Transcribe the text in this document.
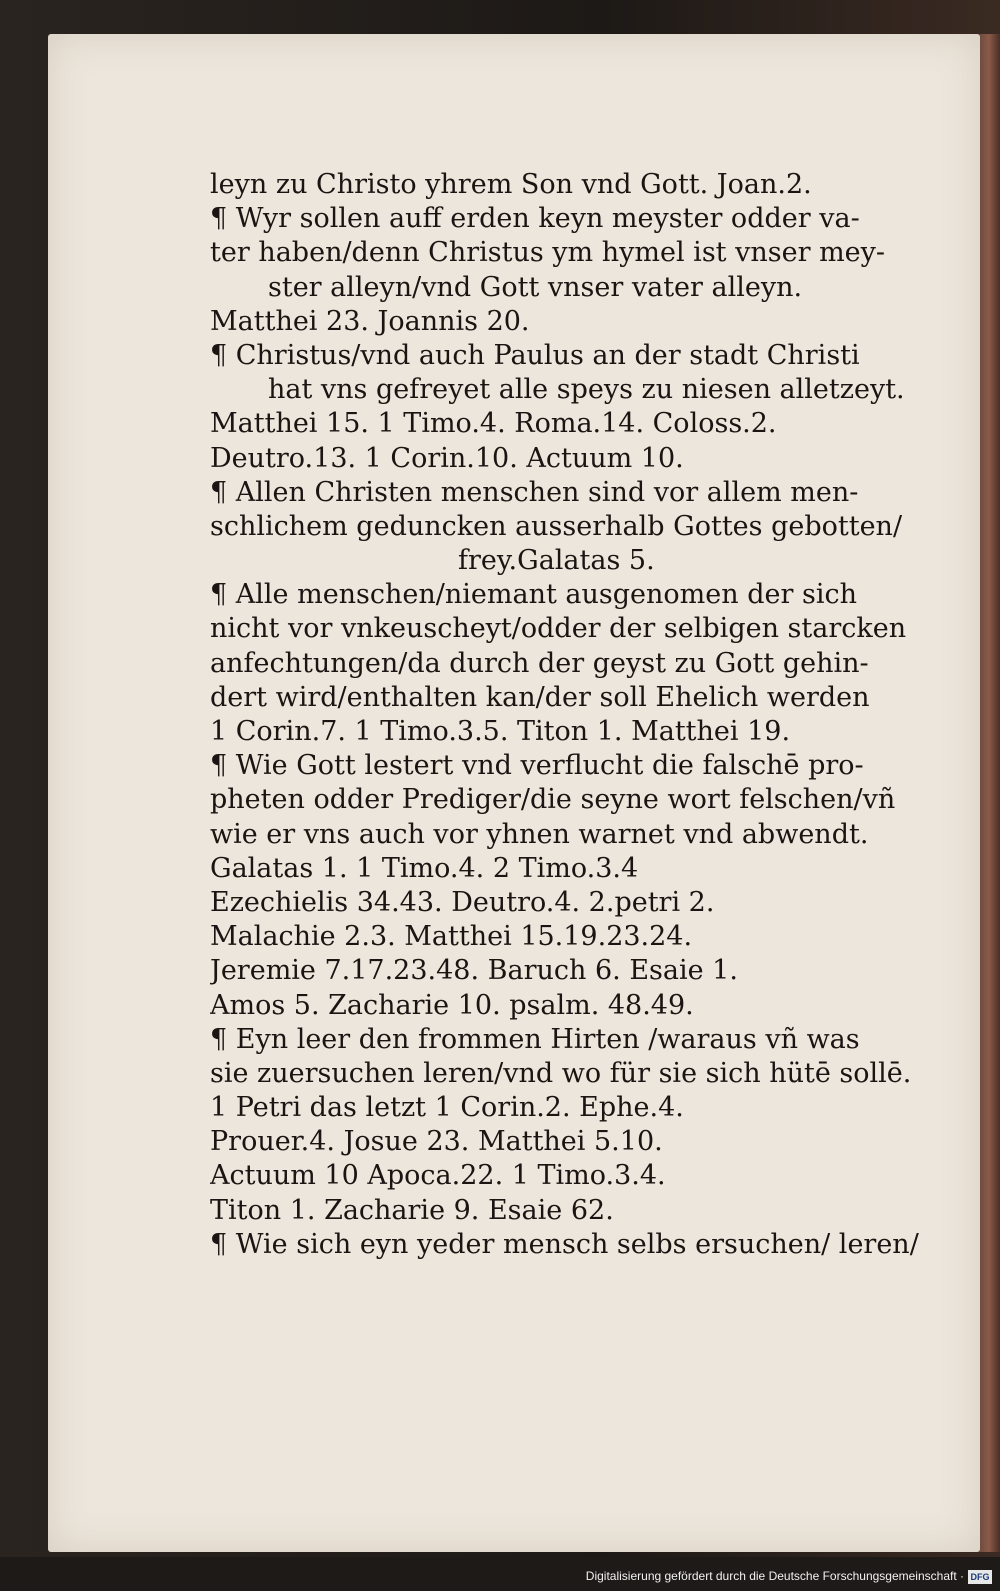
leyn zu Christo yhrem Son vnd Gott. Joan.2.
¶ Wyr sollen auff erden keyn meyster odder va-
ter haben/denn Christus ym hymel ist vnser mey-
ster alleyn/vnd Gott vnser vater alleyn.
Matthei 23. Joannis 20.
¶ Christus/vnd auch Paulus an der stadt Christi
hat vns gefreyet alle speys zu niesen alletzeyt.
Matthei 15. 1 Timo.4. Roma.14. Coloss.2.
Deutro.13. 1 Corin.10. Actuum 10.
¶ Allen Christen menschen sind vor allem men-
schlichem geduncken ausserhalb Gottes gebotten/
frey.Galatas 5.
¶ Alle menschen/niemant ausgenomen der sich
nicht vor vnkeuscheyt/odder der selbigen starcken
anfechtungen/da durch der geyst zu Gott gehin-
dert wird/enthalten kan/der soll Ehelich werden
1 Corin.7. 1 Timo.3.5. Titon 1. Matthei 19.
¶ Wie Gott lestert vnd verflucht die falschē pro-
pheten odder Prediger/die seyne wort felschen/vñ
wie er vns auch vor yhnen warnet vnd abwendt.
Galatas 1. 1 Timo.4. 2 Timo.3.4
Ezechielis 34.43. Deutro.4. 2.petri 2.
Malachie 2.3. Matthei 15.19.23.24.
Jeremie 7.17.23.48. Baruch 6. Esaie 1.
Amos 5. Zacharie 10. psalm. 48.49.
¶ Eyn leer den frommen Hirten /waraus vñ was
sie zuersuchen leren/vnd wo für sie sich hütē sollē.
1 Petri das letzt 1 Corin.2. Ephe.4.
Prouer.4. Josue 23. Matthei 5.10.
Actuum 10 Apoca.22. 1 Timo.3.4.
Titon 1. Zacharie 9. Esaie 62.
¶ Wie sich eyn yeder mensch selbs ersuchen/ leren/
Digitalisierung gefördert durch die Deutsche Forschungsgemeinschaft · DFG
